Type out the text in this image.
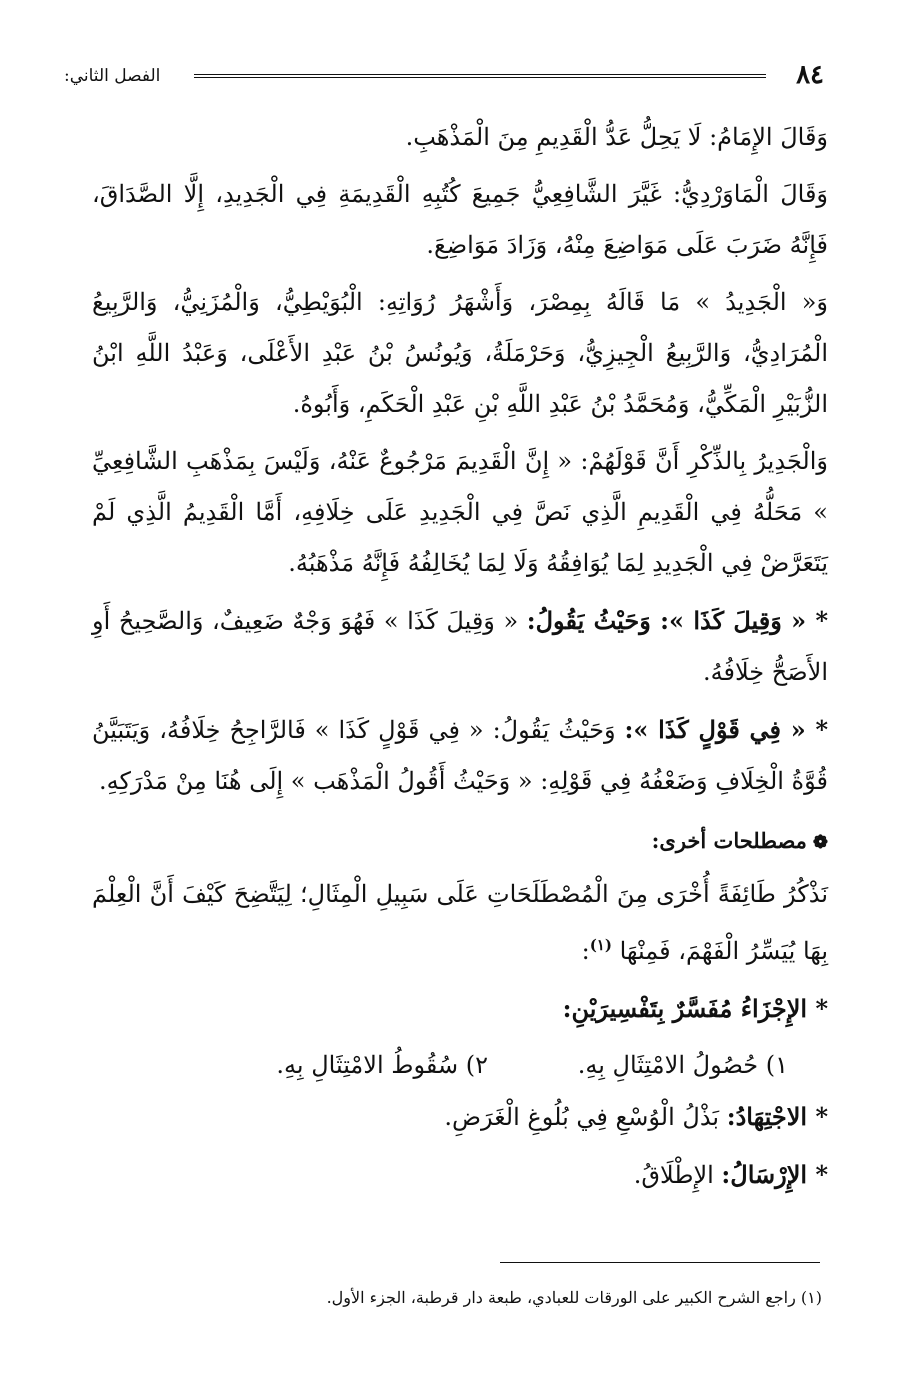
٨٤
الفصل الثاني:

وَقَالَ الإِمَامُ: لَا يَحِلُّ عَدُّ الْقَدِيمِ مِنَ الْمَذْهَبِ.

وَقَالَ الْمَاوَرْدِيُّ: غَيَّرَ الشَّافِعِيُّ جَمِيعَ كُتُبِهِ الْقَدِيمَةِ فِي الْجَدِيدِ، إِلَّا الصَّدَاقَ، فَإِنَّهُ ضَرَبَ عَلَى مَوَاضِعَ مِنْهُ، وَزَادَ مَوَاضِعَ.

وَ« الْجَدِيدُ » مَا قَالَهُ بِمِصْرَ، وَأَشْهَرُ رُوَاتِهِ: الْبُوَيْطِيُّ، وَالْمُزَنِيُّ، وَالرَّبِيعُ الْمُرَادِيُّ، وَالرَّبِيعُ الْجِيزِيُّ، وَحَرْمَلَةُ، وَيُونُسُ بْنُ عَبْدِ الأَعْلَى، وَعَبْدُ اللَّهِ ابْنُ الزُّبَيْرِ الْمَكِّيُّ، وَمُحَمَّدُ بْنُ عَبْدِ اللَّهِ بْنِ عَبْدِ الْحَكَمِ، وَأَبُوهُ.

وَالْجَدِيرُ بِالذِّكْرِ أَنَّ قَوْلَهُمْ: « إِنَّ الْقَدِيمَ مَرْجُوعٌ عَنْهُ، وَلَيْسَ بِمَذْهَبِ الشَّافِعِيِّ » مَحَلُّهُ فِي الْقَدِيمِ الَّذِي نَصَّ فِي الْجَدِيدِ عَلَى خِلَافِهِ، أَمَّا الْقَدِيمُ الَّذِي لَمْ يَتَعَرَّضْ فِي الْجَدِيدِ لِمَا يُوَافِقُهُ وَلَا لِمَا يُخَالِفُهُ فَإِنَّهُ مَذْهَبُهُ.

* « وَقِيلَ كَذَا »: وَحَيْثُ يَقُولُ: « وَقِيلَ كَذَا » فَهُوَ وَجْهٌ ضَعِيفٌ، وَالصَّحِيحُ أَوِ الأَصَحُّ خِلَافُهُ.

* « فِي قَوْلٍ كَذَا »: وَحَيْثُ يَقُولُ: « فِي قَوْلٍ كَذَا » فَالرَّاجِحُ خِلَافُهُ، وَيَتَبَيَّنُ قُوَّةُ الْخِلَافِ وَضَعْفُهُ فِي قَوْلِهِ: « وَحَيْثُ أَقُولُ الْمَذْهَب » إِلَى هُنَا مِنْ مَدْرَكِهِ.

❁مصطلحات أخرى:

نَذْكُرُ طَائِفَةً أُخْرَى مِنَ الْمُصْطَلَحَاتِ عَلَى سَبِيلِ الْمِثَالِ؛ لِيَتَّضِحَ كَيْفَ أَنَّ الْعِلْمَ بِهَا يُيَسِّرُ الْفَهْمَ، فَمِنْهَا $^{(١)}$:

* الإِجْزَاءُ مُفَسَّرٌ بِتَفْسِيرَيْنِ:

١) حُصُولُ الامْتِثَالِ بِهِ.
٢) سُقُوطُ الامْتِثَالِ بِهِ.

* الاجْتِهَادُ: بَذْلُ الْوُسْعِ فِي بُلُوغِ الْغَرَضِ.

* الإِرْسَالُ: الإِطْلَاقُ.

(١) راجع الشرح الكبير على الورقات للعبادي، طبعة دار قرطبة، الجزء الأول.
